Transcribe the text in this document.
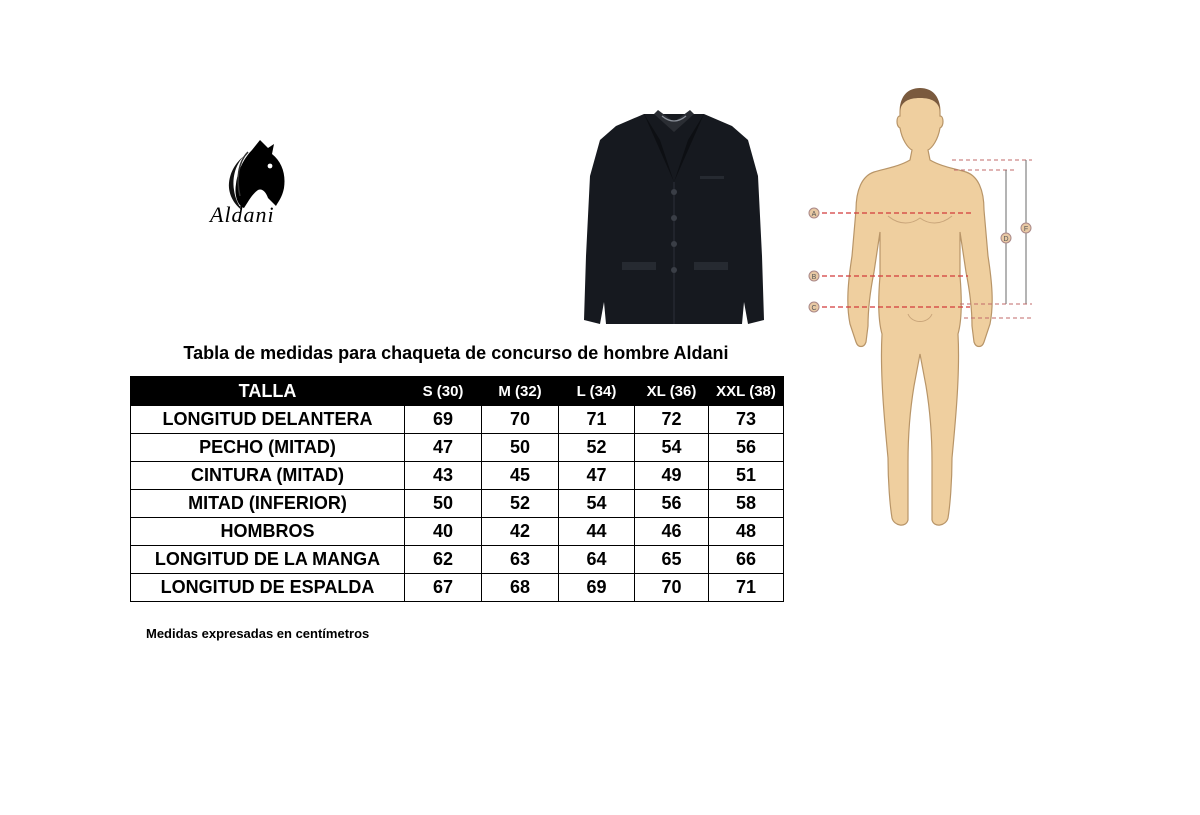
Aldani	A
B
C
D
F
Tabla de medidas para chaqueta de concurso de hombre Aldani
TALLA	S (30)	M (32)	L (34)	XL (36)	XXL (38)
LONGITUD DELANTERA	69	70	71	72	73
PECHO (MITAD)	47	50	52	54	56
CINTURA (MITAD)	43	45	47	49	51
MITAD (INFERIOR)	50	52	54	56	58
HOMBROS	40	42	44	46	48
LONGITUD DE LA MANGA	62	63	64	65	66
LONGITUD DE ESPALDA	67	68	69	70	71
Medidas expresadas en centímetros
